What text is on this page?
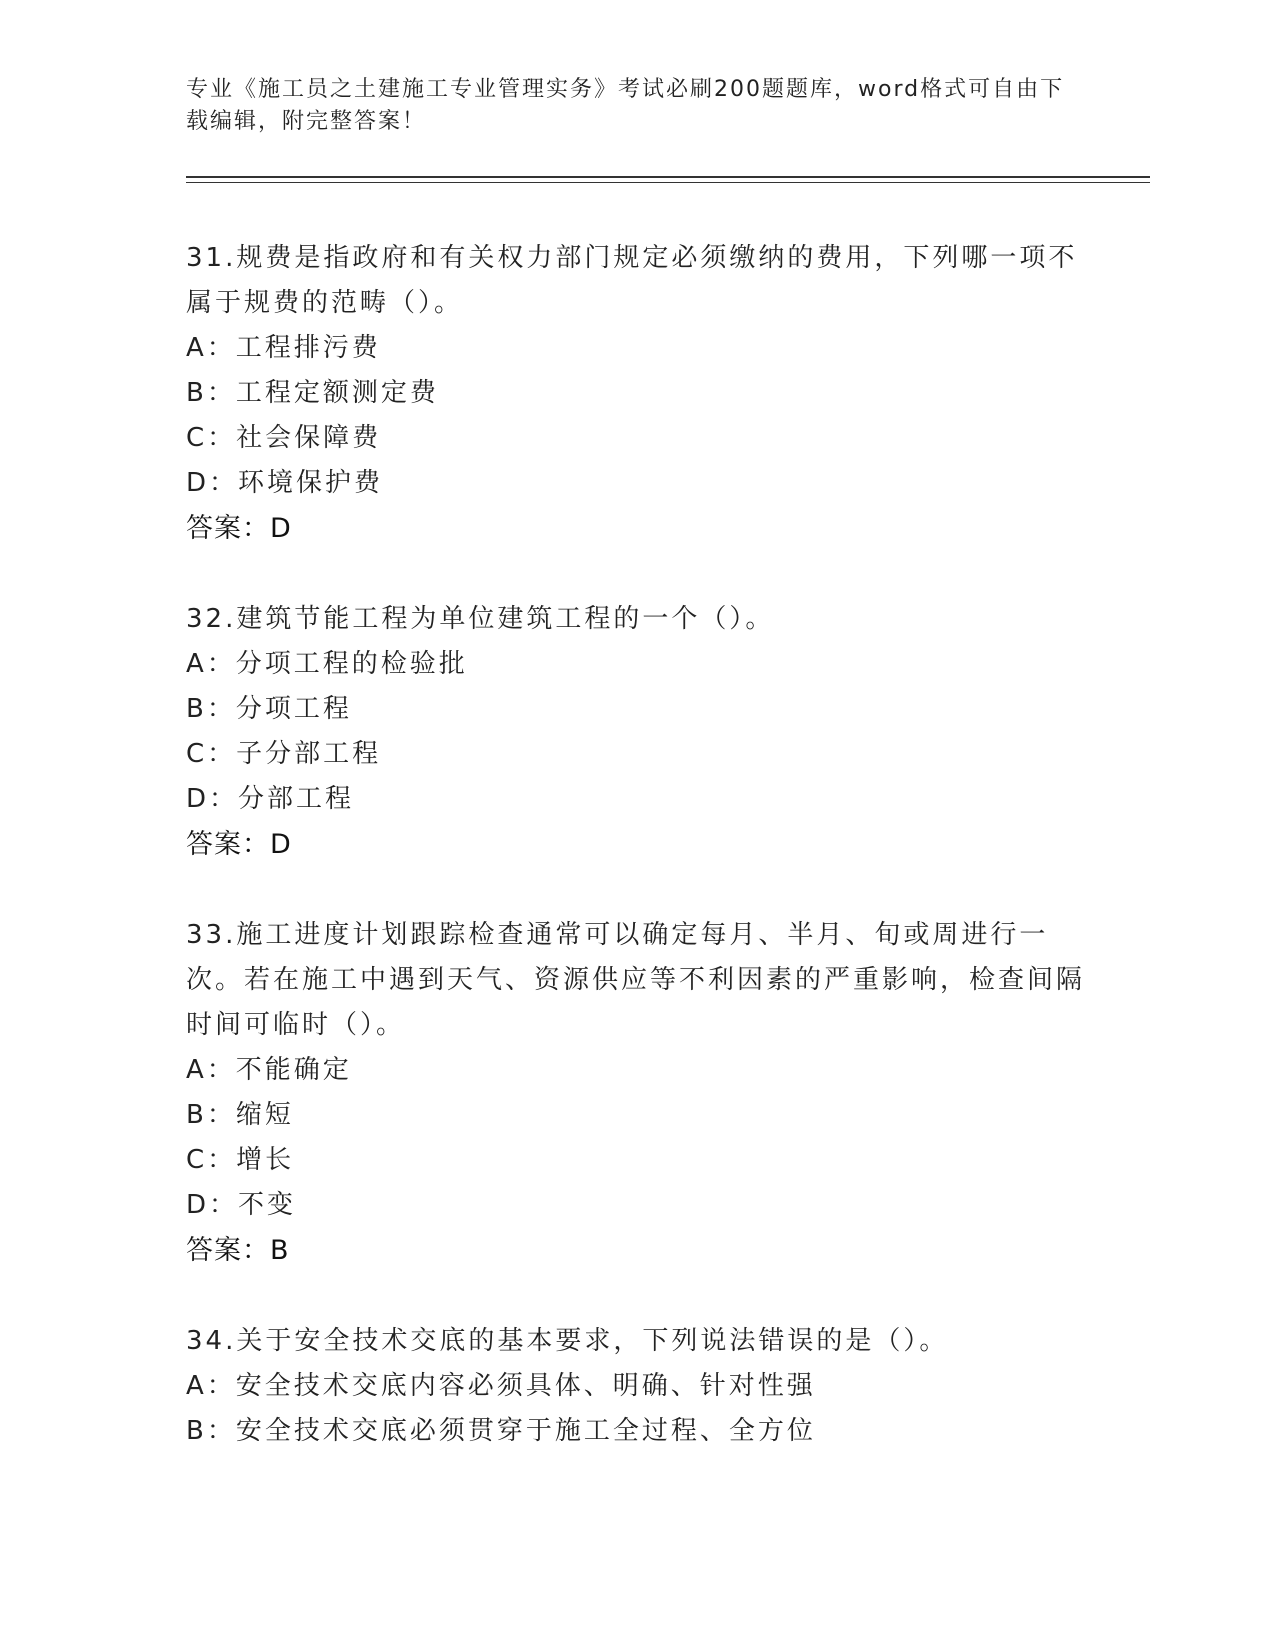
专业《施工员之土建施工专业管理实务》考试必刷200题题库，word格式可自由下载编辑，附完整答案！

31.规费是指政府和有关权力部门规定必须缴纳的费用，下列哪一项不属于规费的范畴（）。

A：工程排污费

B：工程定额测定费

C：社会保障费

D：环境保护费

答案：D

32.建筑节能工程为单位建筑工程的一个（）。

A：分项工程的检验批

B：分项工程

C：子分部工程

D：分部工程

答案：D

33.施工进度计划跟踪检查通常可以确定每月、半月、旬或周进行一次。若在施工中遇到天气、资源供应等不利因素的严重影响，检查间隔时间可临时（）。

A：不能确定

B：缩短

C：增长

D：不变

答案：B

34.关于安全技术交底的基本要求，下列说法错误的是（）。

A：安全技术交底内容必须具体、明确、针对性强

B：安全技术交底必须贯穿于施工全过程、全方位
